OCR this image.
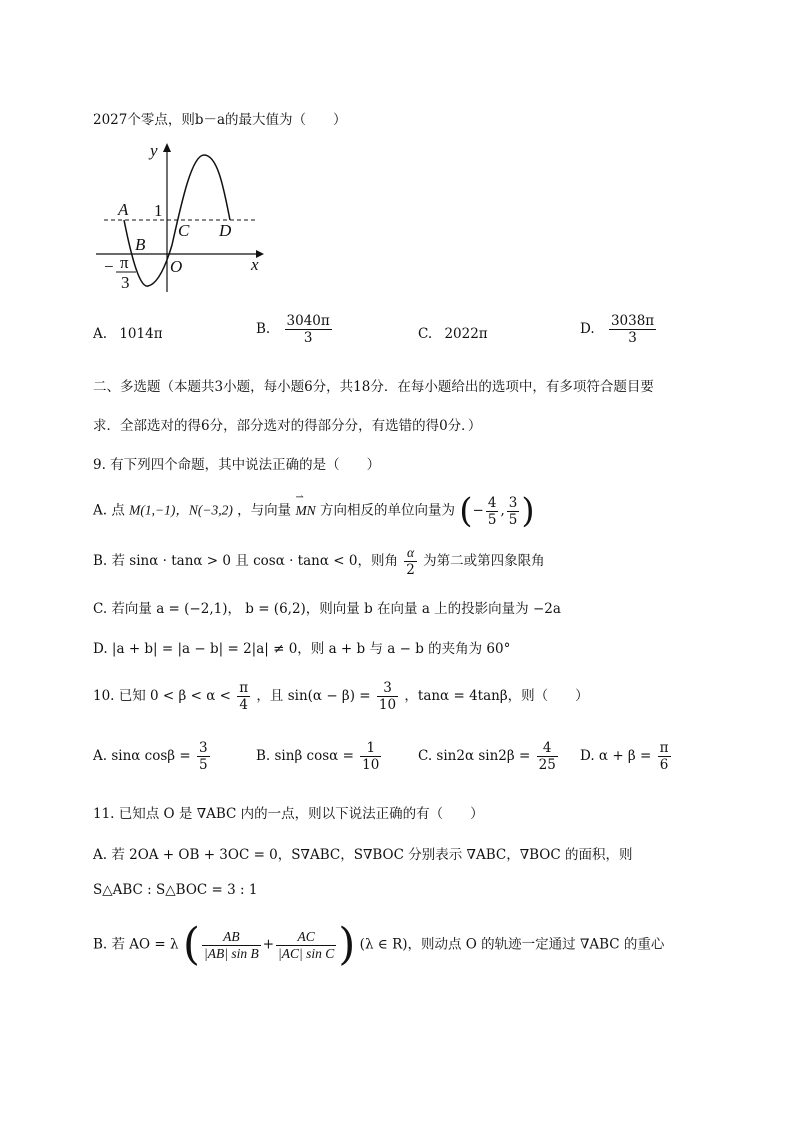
2027个零点，则b－a的最大值为（　　）
y
x
A
B
C D
O
1
− π
3
A. 1014π	B. $\frac{3040\pi}{3}$	C. 2022π	D. $\frac{3038\pi}{3}$
二、多选题（本题共3小题，每小题6分，共18分．在每小题给出的选项中，有多项符合题目要
求．全部选对的得6分，部分选对的得部分分，有选错的得0分．）
9. 有下列四个命题，其中说法正确的是（　　）
A. 点 M(1,−1)，N(−3,2) ，与向量 ⇀ MN 方向相反的单位向量为 (− $\frac{4}{5}$ , $\frac{3}{5}$ )
B. 若 sinα · tanα > 0 且 cosα · tanα < 0，则角 $\frac{\alpha}{2}$ 为第二或第四象限角
C. 若向量 a = (−2,1)， b = (6,2)，则向量 b 在向量 a 上的投影向量为 −2a
D. |a + b| = |a − b| = 2|a| ≠ 0，则 a + b 与 a − b 的夹角为 60°
10. 已知 $0 < \beta < \alpha < \frac{\pi}{4}$ ，且 $\sin(\alpha - \beta) = \frac{3}{10}$ ，tanα = 4tanβ，则（　　）
A. sinα $\cos\beta = \frac{3}{5}$	B. sinβ $\cos\alpha = \frac{1}{10}$	C. sin2α $\sin 2\beta = \frac{4}{25} D$. $\alpha + \beta = \frac{\pi}{6}$
11. 已知点 O 是 ∇ABC 内的一点，则以下说法正确的有（　　）
A. 若 2OA + OB + 3OC = 0，S∇ABC，S∇BOC 分别表示 ∇ABC，∇BOC 的面积，则
S△ABC : S△BOC = 3 : 1
B. 若 AO = λ ( $\frac{AB}{\text{|AB| sin B}} + \frac{AC}{\text{|AC| sin C}}$ ) (λ ∈ R)，则动点 O 的轨迹一定通过 ∇ABC 的重心
